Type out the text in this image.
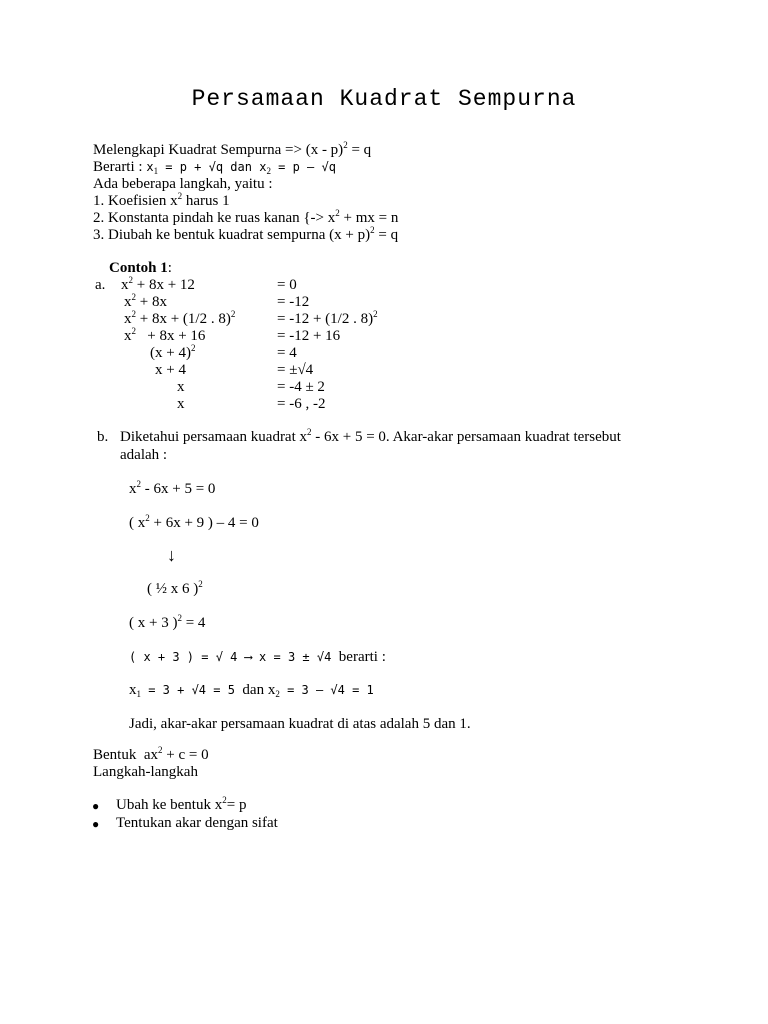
Persamaan Kuadrat Sempurna
Melengkapi Kuadrat Sempurna => (x - p)$^2$ = q
Berarti : $x_1 = p + √q$ dan $x_2 = p - √q$
Ada beberapa langkah, yaitu :
1. Koefisien $x^2$ harus 1
2. Konstanta pindah ke ruas kanan {-> $x^2$ + mx = n
3. Diubah ke bentuk kuadrat sempurna $(x + p)^2 = q$
Contoh 1:
a. $x^2 + 8x + 12$	= 0
$x^2 + 8x$	= -12
$x^2 + 8x + (1/2$ . 8)$^2$	= -12 + (1/2 . 8)$^2$
$x^2 + 8x + 16$	= -12 + 16
$(x + 4)^2$	= 4
x + 4	= ±√4
x	= -4 ± 2
x	= -6 , -2
b. Diketahui persamaan kuadrat $x^2 - 6x + 5 = 0$. Akar-akar persamaan kuadrat tersebut
adalah :
$x^2 - 6x + 5 = 0$
( $x^2 + 6x + 9$ ) – 4 = 0
↓
( ½ x 6 )$^2$
( x + 3 )$^2$ = 4
( x + 3 ) = √ 4 ⟶ x = 3 ± √4  berarti :
$x_1 = 3 + √4 = 5$  dan $x_2 = 3 - √4 = 1$
Jadi, akar-akar persamaan kuadrat di atas adalah 5 dan 1.
Bentuk  $ax^2 + c = 0$
Langkah-langkah
● Ubah ke bentuk $x^2= p$
● Tentukan akar dengan sifat
